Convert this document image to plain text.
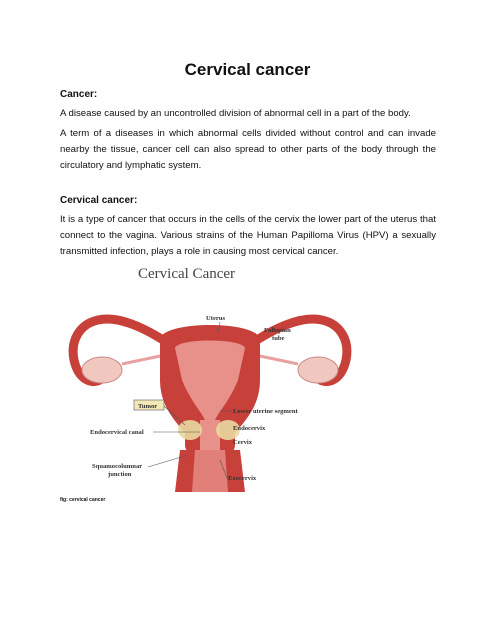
Cervical cancer
Cancer:

A disease caused by an uncontrolled division of abnormal cell in a part of the body.

A term of a diseases in which abnormal cells divided without control and can invade nearby the tissue, cancer cell can also spread to other parts of the body through the circulatory and lymphatic system.

Cervical cancer:

It is a type of cancer that occurs in the cells of the cervix the lower part of the uterus that connect to the vagina. Various strains of the Human Papilloma Virus (HPV) a sexually transmitted infection, plays a role in causing most cervical cancer.

Cervical Cancer
Uterus
Fallopian
tube
Tumor
Lower uterine segment
Endocervical canal
Endocervix
Cervix
Squamocolumnar
junction
Exocervix

fig: cervical cancer
